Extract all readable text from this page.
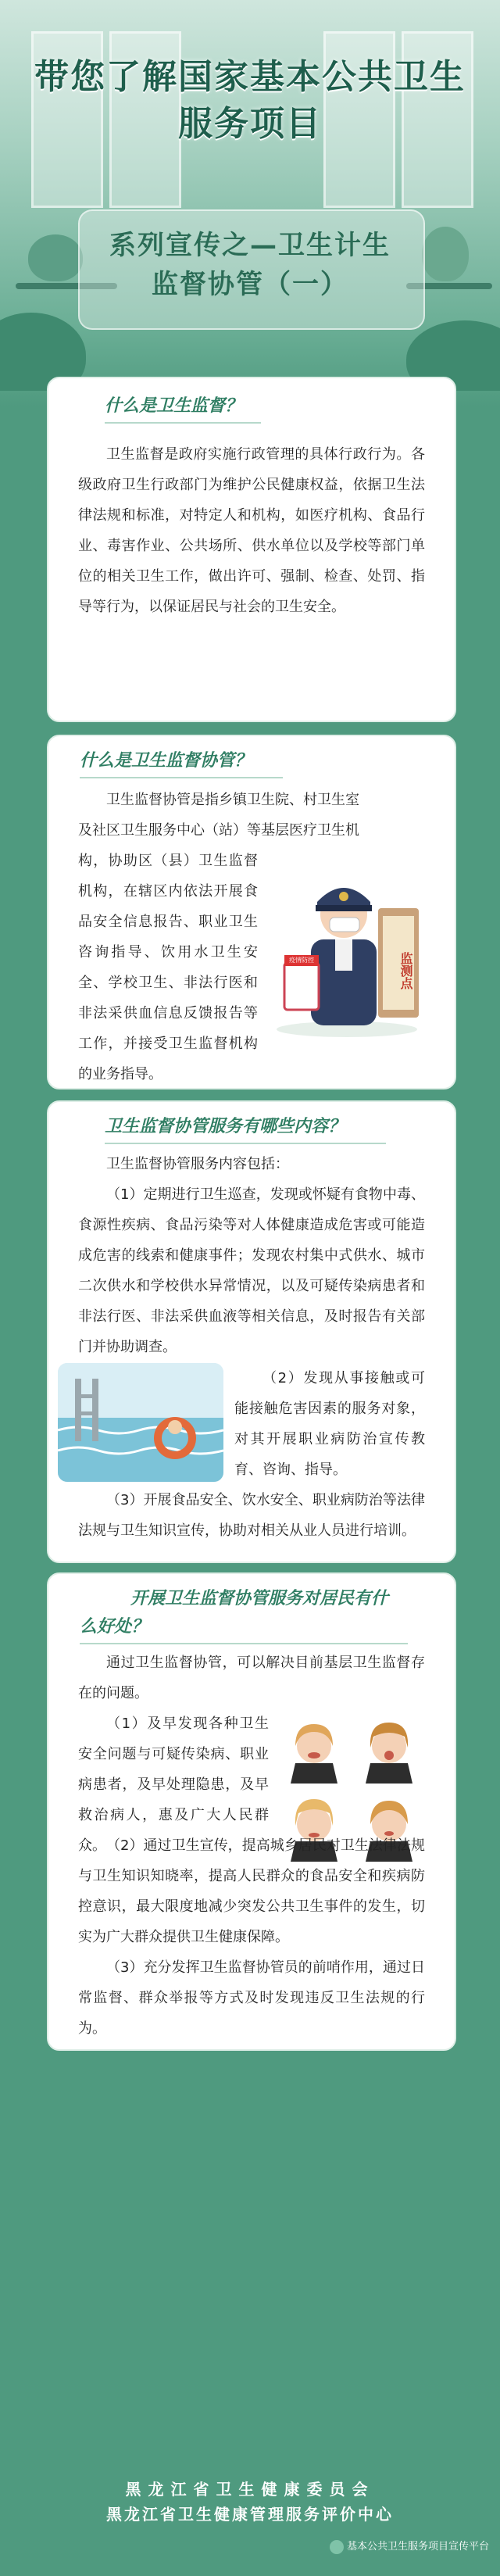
带您了解国家基本公共卫生
服务项目
系列宣传之—卫生计生
监督协管（一）
什么是卫生监督？

卫生监督是政府实施行政管理的具体行政行为。各级政府卫生行政部门为维护公民健康权益，依据卫生法律法规和标准，对特定人和机构，如医疗机构、食品行业、毒害作业、公共场所、供水单位以及学校等部门单位的相关卫生工作，做出许可、强制、检查、处罚、指导等行为，以保证居民与社会的卫生安全。

什么是卫生监督协管？
卫生监督协管是指乡镇卫生院、村卫生室
及社区卫生服务中心（站）等基层医疗卫生机
构，协助区（县）卫生监督机构，在辖区内依法开展食品安全信息报告、职业卫生咨询指导、饮用水卫生安全、学校卫生、非法行医和非法采供血信息反馈报告等工作，并接受卫生监督机构的业务指导。
疫情防控	监测点
卫生监督协管服务有哪些内容？

卫生监督协管服务内容包括：

（1）定期进行卫生巡查，发现或怀疑有食物中毒、食源性疾病、食品污染等对人体健康造成危害或可能造成危害的线索和健康事件；发现农村集中式供水、城市二次供水和学校供水异常情况，以及可疑传染病患者和非法行医、非法采供血液等相关信息，及时报告有关部门并协助调查。

（2）发现从事接触或可能接触危害因素的服务对象，对其开展职业病防治宣传教育、咨询、指导。

（3）开展食品安全、饮水安全、职业病防治等法律法规与卫生知识宣传，协助对相关从业人员进行培训。

开展卫生监督协管服务对居民有什
么好处？

通过卫生监督协管，可以解决目前基层卫生监督存在的问题。

（1）及早发现各种卫生安全问题与可疑传染病、职业病患者，及早处理隐患，及早救治病人，惠及广大人民群众。 （2）通过卫生宣传，提高城乡居民对卫生法律法规与卫生知识知晓率，提高人民群众的食品安全和疾病防控意识，最大限度地减少突发公共卫生事件的发生，切实为广大群众提供卫生健康保障。

（3）充分发挥卫生监督协管员的前哨作用，通过日常监督、群众举报等方式及时发现违反卫生法规的行为。

黑龙江省卫生健康委员会
黑龙江省卫生健康管理服务评价中心
基本公共卫生服务项目宣传平台
